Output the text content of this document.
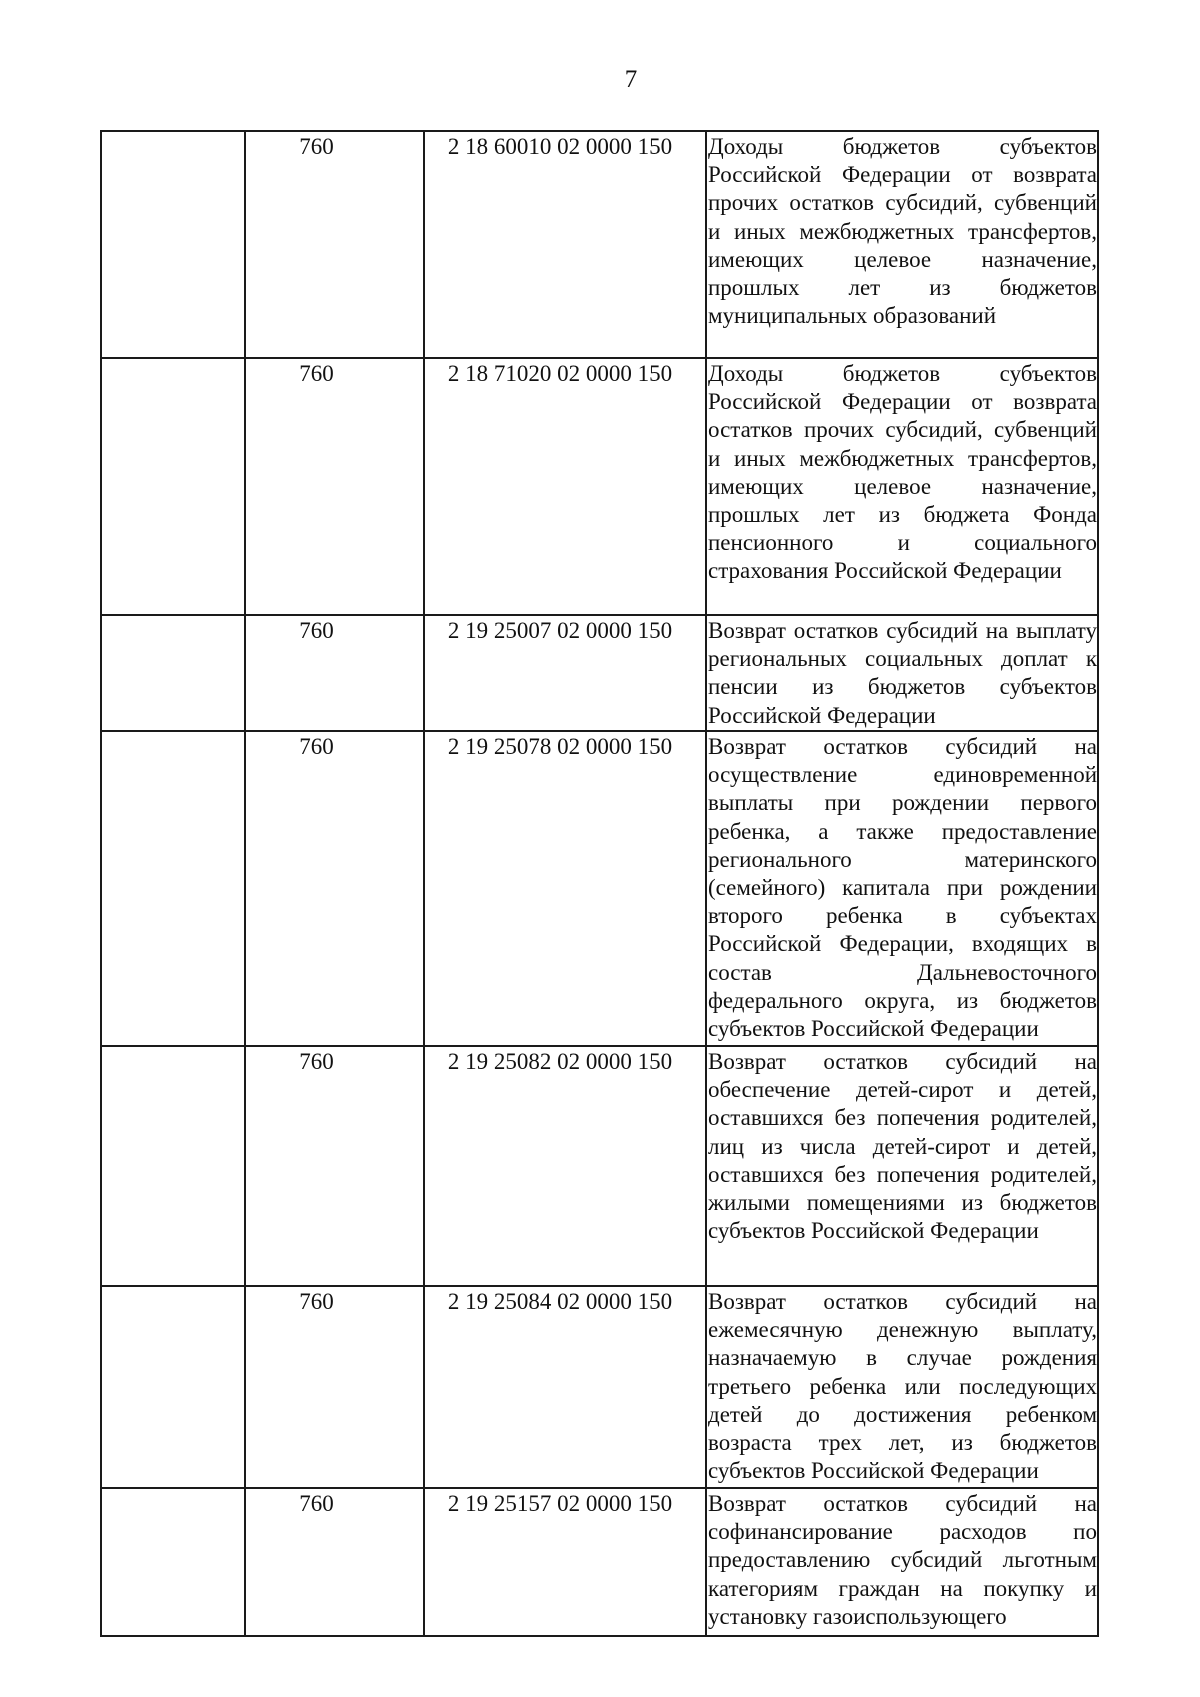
7
	760	2 18 60010 02 0000 150	Доходы бюджетов субъектов Российской Федерации от возврата прочих остатков субсидий, субвенций и иных межбюджетных трансфертов, имеющих целевое назначение, прошлых лет из бюджетов муниципальных образований
	760	2 18 71020 02 0000 150	Доходы бюджетов субъектов Российской Федерации от возврата остатков прочих субсидий, субвенций и иных межбюджетных трансфертов, имеющих целевое назначение, прошлых лет из бюджета Фонда пенсионного и социального страхования Российской Федерации
	760	2 19 25007 02 0000 150	Возврат остатков субсидий на выплату региональных социальных доплат к пенсии из бюджетов субъектов Российской Федерации
	760	2 19 25078 02 0000 150	Возврат остатков субсидий на осуществление единовременной выплаты при рождении первого ребенка, а также предоставление регионального материнского (семейного) капитала при рождении второго ребенка в субъектах Российской Федерации, входящих в состав Дальневосточного федерального округа, из бюджетов субъектов Российской Федерации
	760	2 19 25082 02 0000 150	Возврат остатков субсидий на обеспечение детей-сирот и детей, оставшихся без попечения родителей, лиц из числа детей-сирот и детей, оставшихся без попечения родителей, жилыми помещениями из бюджетов субъектов Российской Федерации
	760	2 19 25084 02 0000 150	Возврат остатков субсидий на ежемесячную денежную выплату, назначаемую в случае рождения третьего ребенка или последующих детей до достижения ребенком возраста трех лет, из бюджетов субъектов Российской Федерации
	760	2 19 25157 02 0000 150	Возврат остатков субсидий на софинансирование расходов по предоставлению субсидий льготным категориям граждан на покупку и установку газоиспользующего
